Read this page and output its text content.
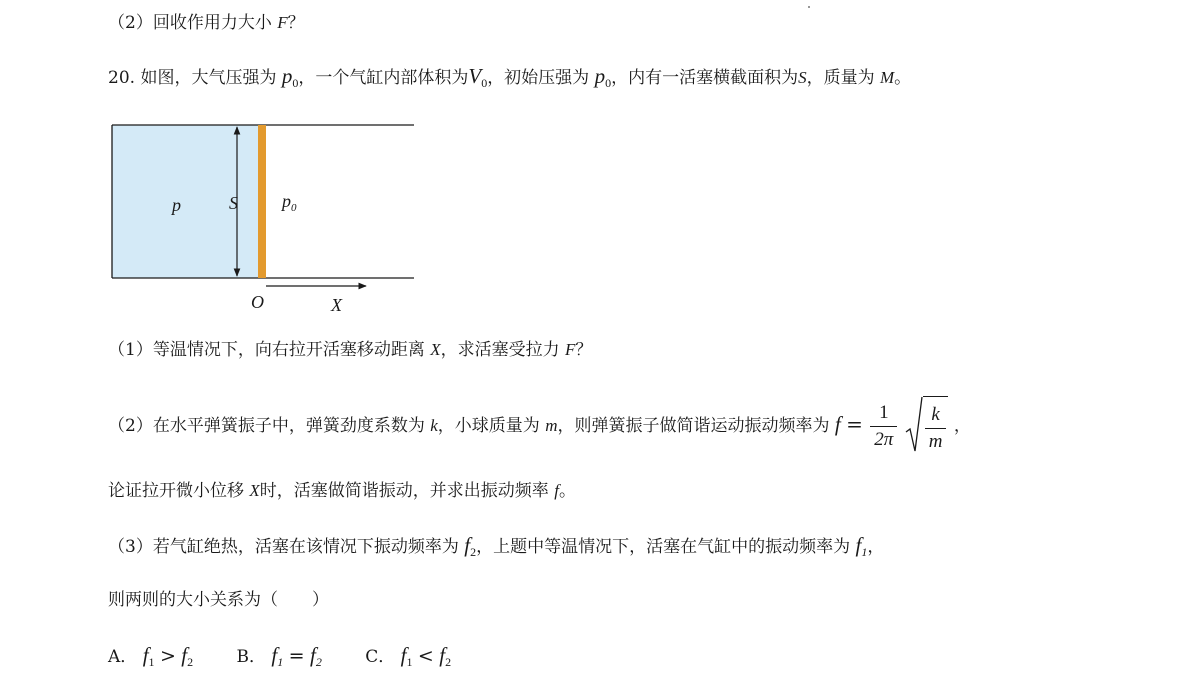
（2）回收作用力大小 F？
20. 如图，大气压强为 $p_0$，一个气缸内部体积为$V_0$，初始压强为 $p_0$，内有一活塞横截面积为S，质量为 M。
p	S $p_0$
O	X
（1）等温情况下，向右拉开活塞移动距离 X，求活塞受拉力 F？
（2）在水平弹簧振子中，弹簧劲度系数为 k，小球质量为 m，则弹簧振子做简谐运动振动频率为 $f = \frac{1}{2\pi}$
$\frac{k}{m}$ ，
论证拉开微小位移 X时，活塞做简谐振动，并求出振动频率 f。
（3）若气缸绝热，活塞在该情况下振动频率为 $f_2$，上题中等温情况下，活塞在气缸中的振动频率为 $f_1$，
则两则的大小关系为（　　）
A． $f_1 > f_2$	B． $f_1 = f_2$	C． $f_1 < f_2$
